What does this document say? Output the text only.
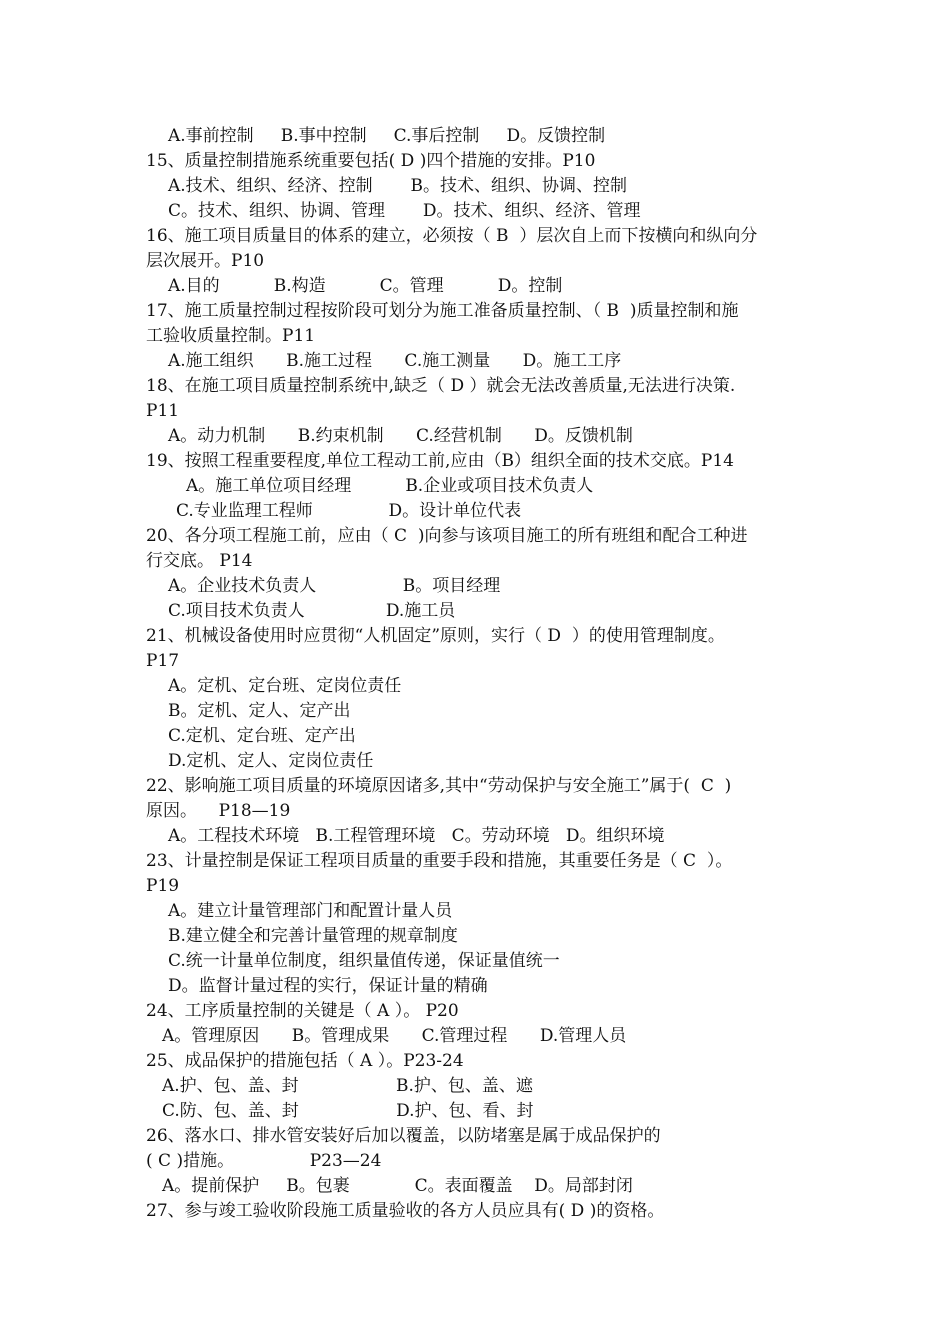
A.事前控制     B.事中控制     C.事后控制     D。反馈控制
15、质量控制措施系统重要包括( D )四个措施的安排。P10
A.技术、组织、经济、控制       B。技术、组织、协调、控制
C。技术、组织、协调、管理       D。技术、组织、经济、管理
16、施工项目质量目的体系的建立，必须按（ B  ）层次自上而下按横向和纵向分
层次展开。P10
A.目的          B.构造          C。管理          D。控制
17、施工质量控制过程按阶段可划分为施工准备质量控制、（ B  )质量控制和施
工验收质量控制。P11
A.施工组织      B.施工过程      C.施工测量      D。施工工序
18、在施工项目质量控制系统中,缺乏（ D ）就会无法改善质量,无法进行决策.
P11
A。动力机制      B.约束机制      C.经营机制      D。反馈机制
19、按照工程重要程度,单位工程动工前,应由（B）组织全面的技术交底。P14
A。施工单位项目经理          B.企业或项目技术负责人
C.专业监理工程师              D。设计单位代表
20、各分项工程施工前，应由（ C  )向参与该项目施工的所有班组和配合工种进
行交底。 P14
A。企业技术负责人                B。项目经理
C.项目技术负责人               D.施工员
21、机械设备使用时应贯彻“人机固定”原则，实行（ D  ）的使用管理制度。
P17
A。定机、定台班、定岗位责任
B。定机、定人、定产出
C.定机、定台班、定产出
D.定机、定人、定岗位责任
22、影响施工项目质量的环境原因诸多,其中“劳动保护与安全施工”属于(  C  )
原因。    P18—19
A。工程技术环境   B.工程管理环境   C。劳动环境   D。组织环境
23、计量控制是保证工程项目质量的重要手段和措施，其重要任务是（ C  ）。
P19
A。建立计量管理部门和配置计量人员
B.建立健全和完善计量管理的规章制度
C.统一计量单位制度，组织量值传递，保证量值统一
D。监督计量过程的实行，保证计量的精确
24、工序质量控制的关键是（ A ）。 P20
A。管理原因      B。管理成果      C.管理过程      D.管理人员
25、成品保护的措施包括（ A ）。P23-24
A.护、包、盖、封                  B.护、包、盖、遮
C.防、包、盖、封                  D.护、包、看、封
26、落水口、排水管安装好后加以覆盖，以防堵塞是属于成品保护的
( C )措施。              P23—24
A。提前保护     B。包裹            C。表面覆盖    D。局部封闭
27、参与竣工验收阶段施工质量验收的各方人员应具有( D )的资格。
